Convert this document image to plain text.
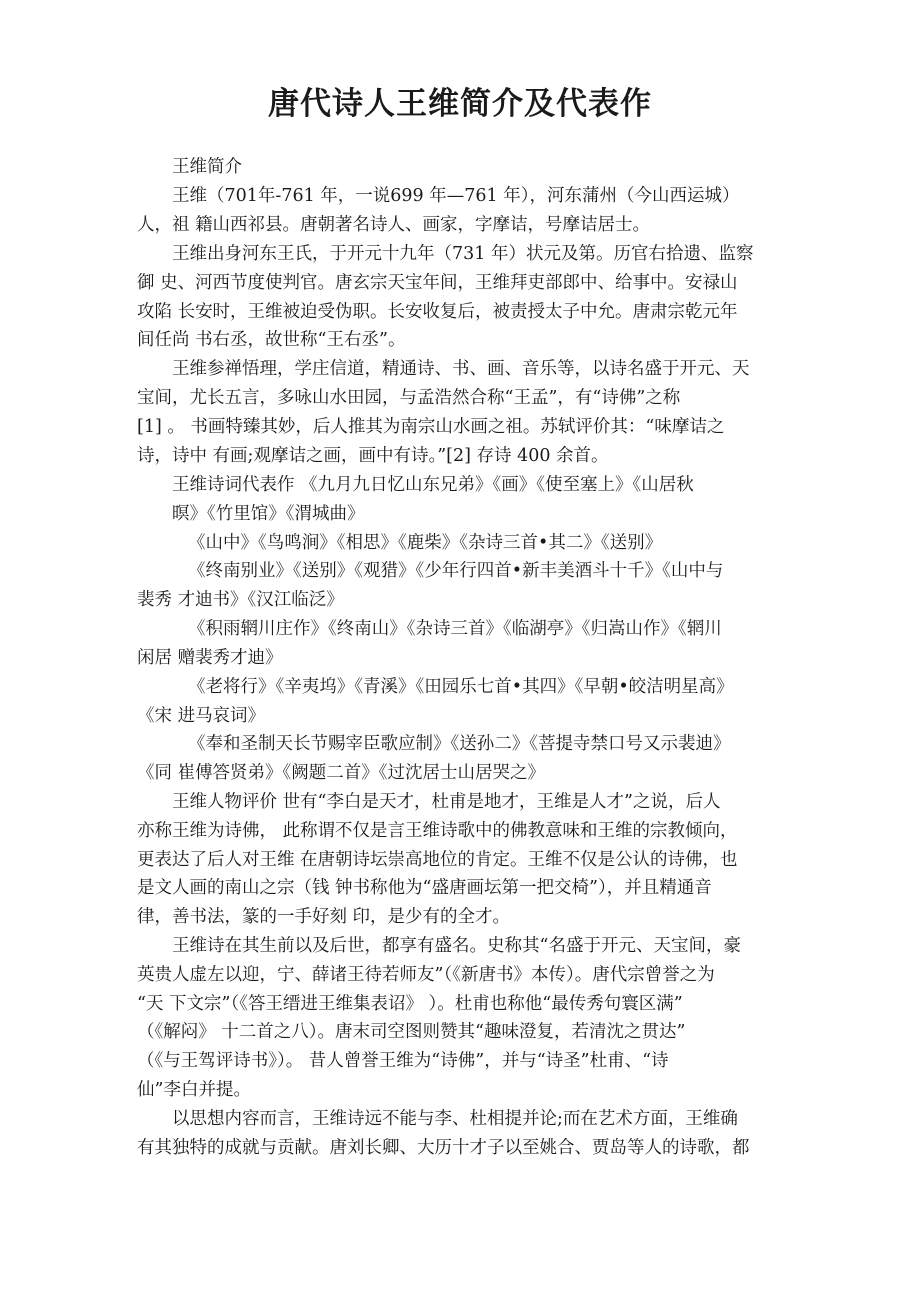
唐代诗人王维简介及代表作
王维简介
王维（701年-761 年，一说699 年—761 年），河东蒲州（今山西运城）
人，祖 籍山西祁县。唐朝著名诗人、画家，字摩诘，号摩诘居士。
王维出身河东王氏，于开元十九年（731 年）状元及第。历官右拾遗、监察
御 史、河西节度使判官。唐玄宗天宝年间，王维拜吏部郎中、给事中。安禄山
攻陷 长安时，王维被迫受伪职。长安收复后，被责授太子中允。唐肃宗乾元年
间任尚 书右丞，故世称“王右丞”。
王维参禅悟理，学庄信道，精通诗、书、画、音乐等，以诗名盛于开元、天
宝间，尤长五言，多咏山水田园，与孟浩然合称“王孟”，有“诗佛”之称
[1] 。 书画特臻其妙，后人推其为南宗山水画之祖。苏轼评价其：“味摩诘之
诗，诗中 有画;观摩诘之画，画中有诗。”[2] 存诗 400 余首。
王维诗词代表作 《九月九日忆山东兄弟》《画》《使至塞上》《山居秋
暝》《竹里馆》《渭城曲》
《山中》《鸟鸣涧》《相思》《鹿柴》《杂诗三首•其二》《送别》
《终南别业》《送别》《观猎》《少年行四首•新丰美酒斗十千》《山中与
裴秀 才迪书》《汉江临泛》
《积雨辋川庄作》《终南山》《杂诗三首》《临湖亭》《归嵩山作》《辋川
闲居 赠裴秀才迪》
《老将行》《辛夷坞》《青溪》《田园乐七首•其四》《早朝•皎洁明星高》
《宋 进马哀词》
《奉和圣制天长节赐宰臣歌应制》《送孙二》《菩提寺禁口号又示裴迪》
《同 崔傅答贤弟》《阙题二首》《过沈居士山居哭之》
王维人物评价 世有“李白是天才，杜甫是地才，王维是人才”之说，后人
亦称王维为诗佛， 此称谓不仅是言王维诗歌中的佛教意味和王维的宗教倾向，
更表达了后人对王维 在唐朝诗坛崇高地位的肯定。王维不仅是公认的诗佛，也
是文人画的南山之宗（钱 钟书称他为“盛唐画坛第一把交椅”），并且精通音
律，善书法，篆的一手好刻 印，是少有的全才。
王维诗在其生前以及后世，都享有盛名。史称其“名盛于开元、天宝间，豪
英贵人虚左以迎，宁、薛诸王待若师友”（《新唐书》本传）。唐代宗曾誉之为
“天 下文宗”（《答王缙进王维集表诏》 ）。杜甫也称他“最传秀句寰区满”
（《解闷》 十二首之八）。唐末司空图则赞其“趣味澄复，若清沈之贯达”
（《与王驾评诗书》）。 昔人曾誉王维为“诗佛”，并与“诗圣”杜甫、“诗
仙”李白并提。
以思想内容而言，王维诗远不能与李、杜相提并论;而在艺术方面，王维确
有其独特的成就与贡献。唐刘长卿、大历十才子以至姚合、贾岛等人的诗歌，都
